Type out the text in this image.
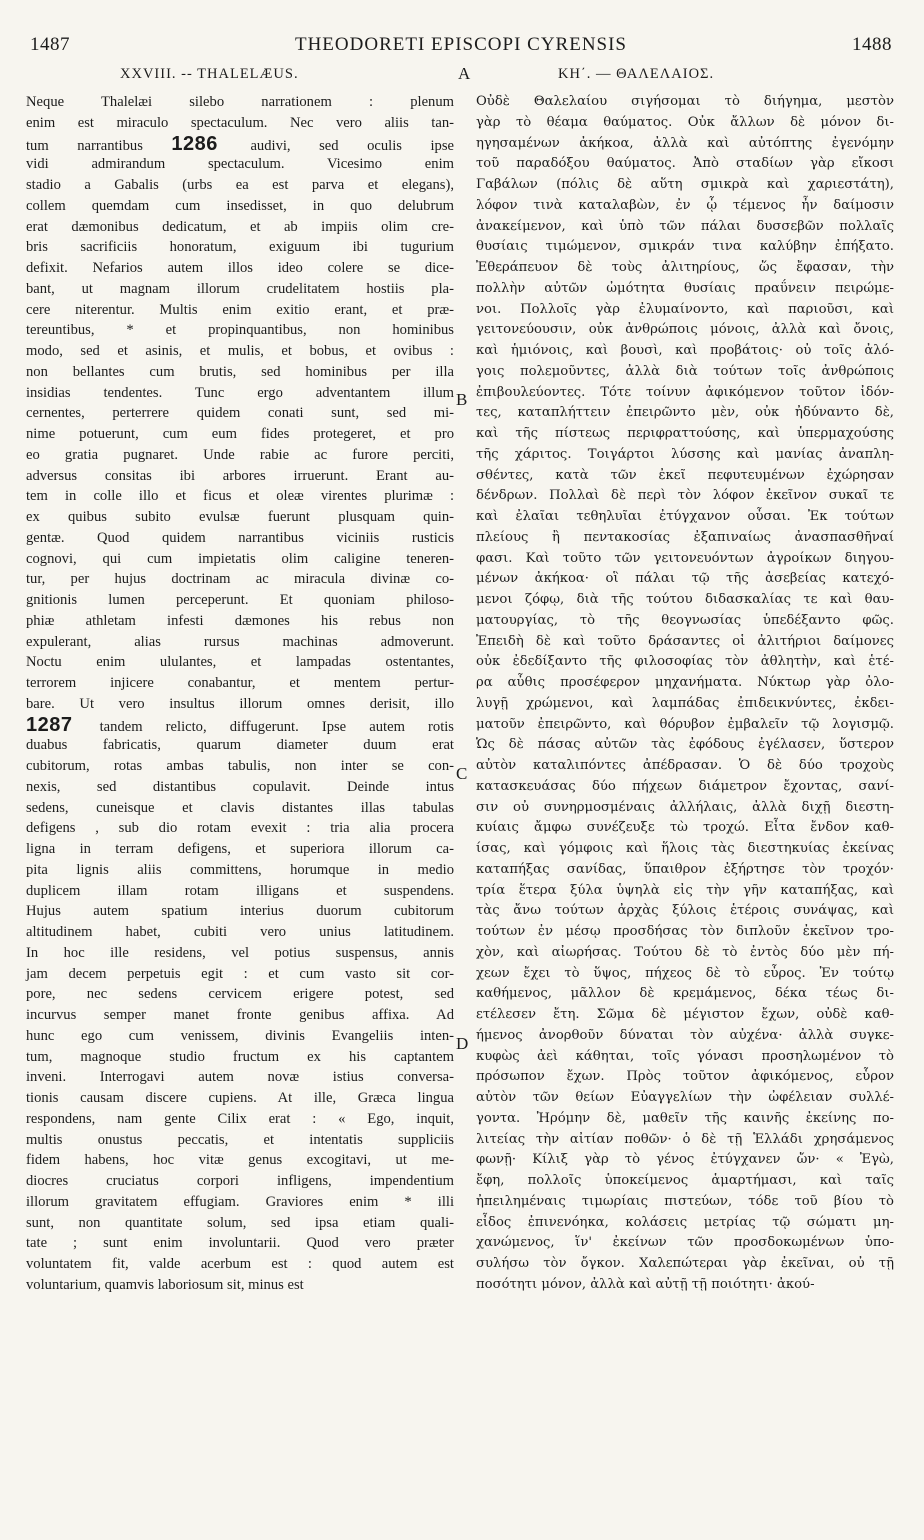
1487	THEODORETI EPISCOPI CYRENSIS	1488
XXVIII. -- THALELÆUS.	A	ΚΗ΄. — ΘΑΛΕΛΑΙΟΣ.
B
C
D
Neque Thalelæi silebo narrationem : plenum
enim est miraculo spectaculum. Nec vero aliis tan-
tum narrantibus 1286 audivi, sed oculis ipse
vidi admirandum spectaculum. Vicesimo enim
stadio a Gabalis (urbs ea est parva et elegans),
collem quemdam cum insedisset, in quo delubrum
erat dæmonibus dedicatum, et ab impiis olim cre-
bris sacrificiis honoratum, exiguum ibi tugurium
defixit. Nefarios autem illos ideo colere se dice-
bant, ut magnam illorum crudelitatem hostiis pla-
cere niterentur. Multis enim exitio erant, et præ-
tereuntibus, * et propinquantibus, non hominibus
modo, sed et asinis, et mulis, et bobus, et ovibus :
non bellantes cum brutis, sed hominibus per illa
insidias tendentes. Tunc ergo adventantem illum
cernentes, perterrere quidem conati sunt, sed mi-
nime potuerunt, cum eum fides protegeret, et pro
eo gratia pugnaret. Unde rabie ac furore perciti,
adversus consitas ibi arbores irruerunt. Erant au-
tem in colle illo et ficus et oleæ virentes plurimæ :
ex quibus subito evulsæ fuerunt plusquam quin-
gentæ. Quod quidem narrantibus viciniis rusticis
cognovi, qui cum impietatis olim caligine teneren-
tur, per hujus doctrinam ac miracula divinæ co-
gnitionis lumen perceperunt. Et quoniam philoso-
phiæ athletam infesti dæmones his rebus non
expulerant, alias rursus machinas admoverunt.
Noctu enim ululantes, et lampadas ostentantes,
terrorem injicere conabantur, et mentem pertur-
bare. Ut vero insultus illorum omnes derisit, illo
1287 tandem relicto, diffugerunt. Ipse autem rotis
duabus fabricatis, quarum diameter duum erat
cubitorum, rotas ambas tabulis, non inter se con-
nexis, sed distantibus copulavit. Deinde intus
sedens, cuneisque et clavis distantes illas tabulas
defigens , sub dio rotam evexit : tria alia procera
ligna in terram defigens, et superiora illorum ca-
pita lignis aliis committens, horumque in medio
duplicem illam rotam illigans et suspendens.
Hujus autem spatium interius duorum cubitorum
altitudinem habet, cubiti vero unius latitudinem.
In hoc ille residens, vel potius suspensus, annis
jam decem perpetuis egit : et cum vasto sit cor-
pore, nec sedens cervicem erigere potest, sed
incurvus semper manet fronte genibus affixa. Ad
hunc ego cum venissem, divinis Evangeliis inten-
tum, magnoque studio fructum ex his captantem
inveni. Interrogavi autem novæ istius conversa-
tionis causam discere cupiens. At ille, Græca lingua
respondens, nam gente Cilix erat : « Ego, inquit,
multis onustus peccatis, et intentatis suppliciis
fidem habens, hoc vitæ genus excogitavi, ut me-
diocres cruciatus corpori infligens, impendentium
illorum gravitatem effugiam. Graviores enim * illi
sunt, non quantitate solum, sed ipsa etiam quali-
tate ; sunt enim involuntarii. Quod vero præter
voluntatem fit, valde acerbum est : quod autem est
voluntarium, quamvis laboriosum sit, minus est
Οὐδὲ Θαλελαίου σιγήσομαι τὸ διήγημα, μεστὸν
γὰρ τὸ θέαμα θαύματος. Οὐκ ἄλλων δὲ μόνον δι-
ηγησαμένων ἀκήκοα, ἀλλὰ καὶ αὐτόπτης ἐγενόμην
τοῦ παραδόξου θαύματος. Ἀπὸ σταδίων γὰρ εἴκοσι
Γαβάλων (πόλις δὲ αὕτη σμικρὰ καὶ χαριεστάτη),
λόφον τινὰ καταλαβὼν, ἐν ᾧ τέμενος ἦν δαίμοσιν
ἀνακείμενον, καὶ ὑπὸ τῶν πάλαι δυσσεβῶν πολλαῖς
θυσίαις τιμώμενον, σμικράν τινα καλύβην ἐπήξατο.
Ἐθεράπευον δὲ τοὺς ἀλιτηρίους, ὥς ἔφασαν, τὴν
πολλὴν αὐτῶν ὠμότητα θυσίαις πραΰνειν πειρώμε-
νοι. Πολλοῖς γὰρ ἐλυμαίνοντο, καὶ παριοῦσι, καὶ
γειτονεύουσιν, οὐκ ἀνθρώποις μόνοις, ἀλλὰ καὶ ὄνοις,
καὶ ἡμιόνοις, καὶ βουσὶ, καὶ προβάτοις· οὐ τοῖς ἀλό-
γοις πολεμοῦντες, ἀλλὰ διὰ τούτων τοῖς ἀνθρώποις
ἐπιβουλεύοντες. Τότε τοίνυν ἀφικόμενον τοῦτον ἰδόν-
τες, καταπλήττειν ἐπειρῶντο μὲν, οὐκ ἠδύναντο δὲ,
καὶ τῆς πίστεως περιφραττούσης, καὶ ὑπερμαχούσης
τῆς χάριτος. Τοιγάρτοι λύσσης καὶ μανίας ἀναπλη-
σθέντες, κατὰ τῶν ἐκεῖ πεφυτευμένων ἐχώρησαν
δένδρων. Πολλαὶ δὲ περὶ τὸν λόφον ἐκεῖνον συκαῖ τε
καὶ ἐλαῖαι τεθηλυῖαι ἐτύγχανον οὖσαι. Ἐκ τούτων
πλείους ἢ πεντακοσίας ἐξαπιναίως ἀνασπασθῆναί
φασι. Καὶ τοῦτο τῶν γειτονευόντων ἀγροίκων διηγου-
μένων ἀκήκοα· οἳ πάλαι τῷ τῆς ἀσεβείας κατεχό-
μενοι ζόφῳ, διὰ τῆς τούτου διδασκαλίας τε καὶ θαυ-
ματουργίας, τὸ τῆς θεογνωσίας ὑπεδέξαντο φῶς.
Ἐπειδὴ δὲ καὶ τοῦτο δράσαντες οἱ ἀλιτήριοι δαίμονες
οὐκ ἐδεδίξαντο τῆς φιλοσοφίας τὸν ἀθλητὴν, καὶ ἑτέ-
ρα αὖθις προσέφερον μηχανήματα. Νύκτωρ γὰρ ὀλο-
λυγῇ χρώμενοι, καὶ λαμπάδας ἐπιδεικνύντες, ἐκδει-
ματοῦν ἐπειρῶντο, καὶ θόρυβον ἐμβαλεῖν τῷ λογισμῷ.
Ὡς δὲ πάσας αὐτῶν τὰς ἐφόδους ἐγέλασεν, ὕστερον
αὐτὸν καταλιπόντες ἀπέδρασαν. Ὁ δὲ δύο τροχοὺς
κατασκευάσας δύο πήχεων διάμετρον ἔχοντας, σανί-
σιν οὐ συνηρμοσμέναις ἀλλήλαις, ἀλλὰ διχῇ διεστη-
κυίαις ἄμφω συνέζευξε τὼ τροχώ. Εἶτα ἔνδον καθ-
ίσας, καὶ γόμφοις καὶ ἥλοις τὰς διεστηκυίας ἐκείνας
καταπήξας σανίδας, ὕπαιθρον ἐξήρτησε τὸν τροχόν·
τρία ἕτερα ξύλα ὑψηλὰ εἰς τὴν γῆν καταπήξας, καὶ
τὰς ἄνω τούτων ἀρχὰς ξύλοις ἑτέροις συνάψας, καὶ
τούτων ἐν μέσῳ προσδήσας τὸν διπλοῦν ἐκεῖνον τρο-
χὸν, καὶ αἰωρήσας. Τούτου δὲ τὸ ἐντὸς δύο μὲν πή-
χεων ἔχει τὸ ὕψος, πήχεος δὲ τὸ εὖρος. Ἐν τούτῳ
καθήμενος, μᾶλλον δὲ κρεμάμενος, δέκα τέως δι-
ετέλεσεν ἔτη. Σῶμα δὲ μέγιστον ἔχων, οὐδὲ καθ-
ήμενος ἀνορθοῦν δύναται τὸν αὐχένα· ἀλλὰ συγκε-
κυφὼς ἀεὶ κάθηται, τοῖς γόνασι προσηλωμένον τὸ
πρόσωπον ἔχων. Πρὸς τοῦτον ἀφικόμενος, εὗρον
αὐτὸν τῶν θείων Εὐαγγελίων τὴν ὠφέλειαν συλλέ-
γοντα. Ἠρόμην δὲ, μαθεῖν τῆς καινῆς ἐκείνης πο-
λιτείας τὴν αἰτίαν ποθῶν· ὁ δὲ τῇ Ἑλλάδι χρησάμενος
φωνῇ· Κίλιξ γὰρ τὸ γένος ἐτύγχανεν ὤν· « Ἐγὼ,
ἔφη, πολλοῖς ὑποκείμενος ἁμαρτήμασι, καὶ ταῖς
ἠπειλημέναις τιμωρίαις πιστεύων, τόδε τοῦ βίου τὸ
εἶδος ἐπινενόηκα, κολάσεις μετρίας τῷ σώματι μη-
χανώμενος, ἵν' ἐκείνων τῶν προσδοκωμένων ὑπο-
συλήσω τὸν ὄγκον. Χαλεπώτεραι γὰρ ἐκεῖναι, οὐ τῇ
ποσότητι μόνον, ἀλλὰ καὶ αὐτῇ τῇ ποιότητι· ἀκού-
